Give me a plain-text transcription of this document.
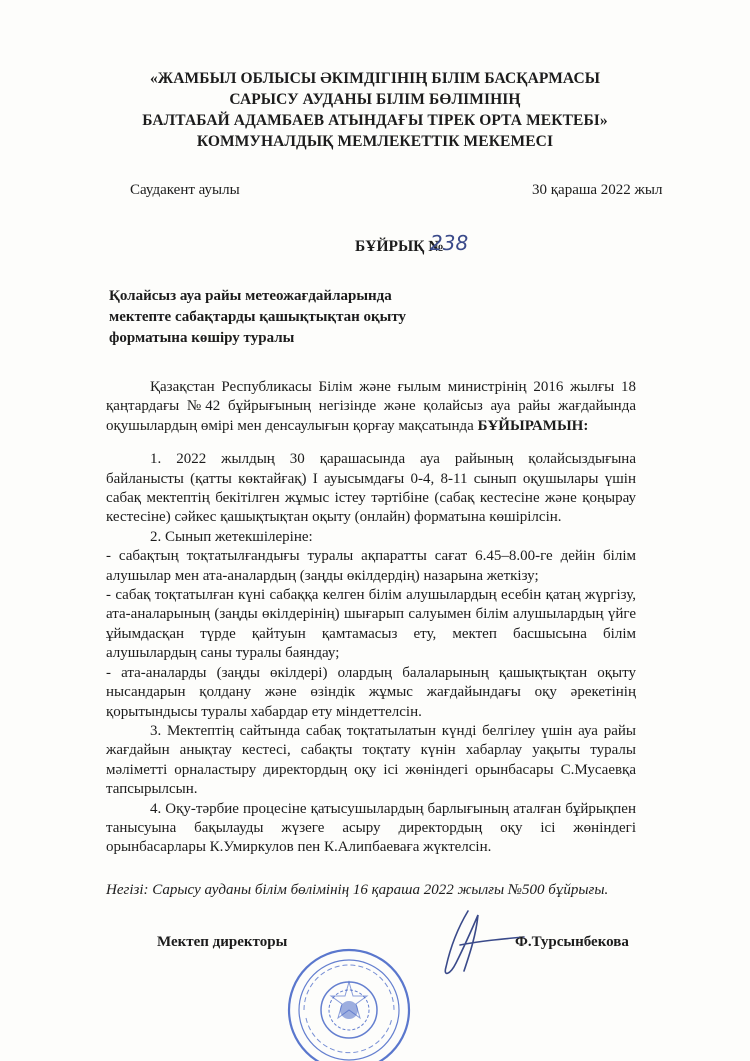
«ЖАМБЫЛ ОБЛЫСЫ ӘКІМДІГІНІҢ БІЛІМ БАСҚАРМАСЫ
САРЫСУ АУДАНЫ БІЛІМ БӨЛІМІНІҢ
БАЛТАБАЙ АДАМБАЕВ АТЫНДАҒЫ ТІРЕК ОРТА МЕКТЕБІ»
КОММУНАЛДЫҚ МЕМЛЕКЕТТІК МЕКЕМЕСІ
Саудакент ауылы	30 қараша 2022 жыл
БҰЙРЫҚ №
238
Қолайсыз ауа райы метеожағдайларында
мектепте сабақтарды қашықтықтан оқыту
форматына көшіру туралы

Қазақстан Республикасы Білім және ғылым министрінің 2016 жылғы 18 қаңтардағы №42 бұйрығының негізінде және қолайсыз ауа райы жағдайында оқушылардың өмірі мен денсаулығын қорғау мақсатында БҰЙЫРАМЫН:

1. 2022 жылдың 30 қарашасында ауа райының қолайсыздығына байланысты (қатты көктайғақ) І ауысымдағы 0-4, 8-11 сынып оқушылары үшін сабақ мектептің бекітілген жұмыс істеу тәртібіне (сабақ кестесіне және қоңырау кестесіне) сәйкес қашықтықтан оқыту (онлайн) форматына көшірілсін.

2. Сынып жетекшілеріне:

- сабақтың тоқтатылғандығы туралы ақпаратты сағат 6.45–8.00-ге дейін білім алушылар мен ата-аналардың (заңды өкілдердің) назарына жеткізу;

- сабақ тоқтатылған күні сабаққа келген білім алушылардың есебін қатаң жүргізу, ата-аналарының (заңды өкілдерінің) шығарып салуымен білім алушылардың үйге ұйымдасқан түрде қайтуын қамтамасыз ету, мектеп басшысына білім алушылардың саны туралы баяндау;

- ата-аналарды (заңды өкілдері) олардың балаларының қашықтықтан оқыту нысандарын қолдану және өзіндік жұмыс жағдайындағы оқу әрекетінің қорытындысы туралы хабардар ету міндеттелсін.

3. Мектептің сайтында сабақ тоқтатылатын күнді белгілеу үшін ауа райы жағдайын анықтау кестесі, сабақты тоқтату күнін хабарлау уақыты туралы мәліметті орналастыру директордың оқу ісі жөніндегі орынбасары С.Мусаевқа тапсырылсын.

4. Оқу-тәрбие процесіне қатысушылардың барлығының аталған бұйрықпен танысуына бақылауды жүзеге асыру директордың оқу ісі жөніндегі орынбасарлары К.Умиркулов пен К.Алипбаеваға жүктелсін.

Негізі: Сарысу ауданы білім бөлімінің 16 қараша 2022 жылғы №500 бұйрығы.
Мектеп директоры	Ф.Турсынбекова
